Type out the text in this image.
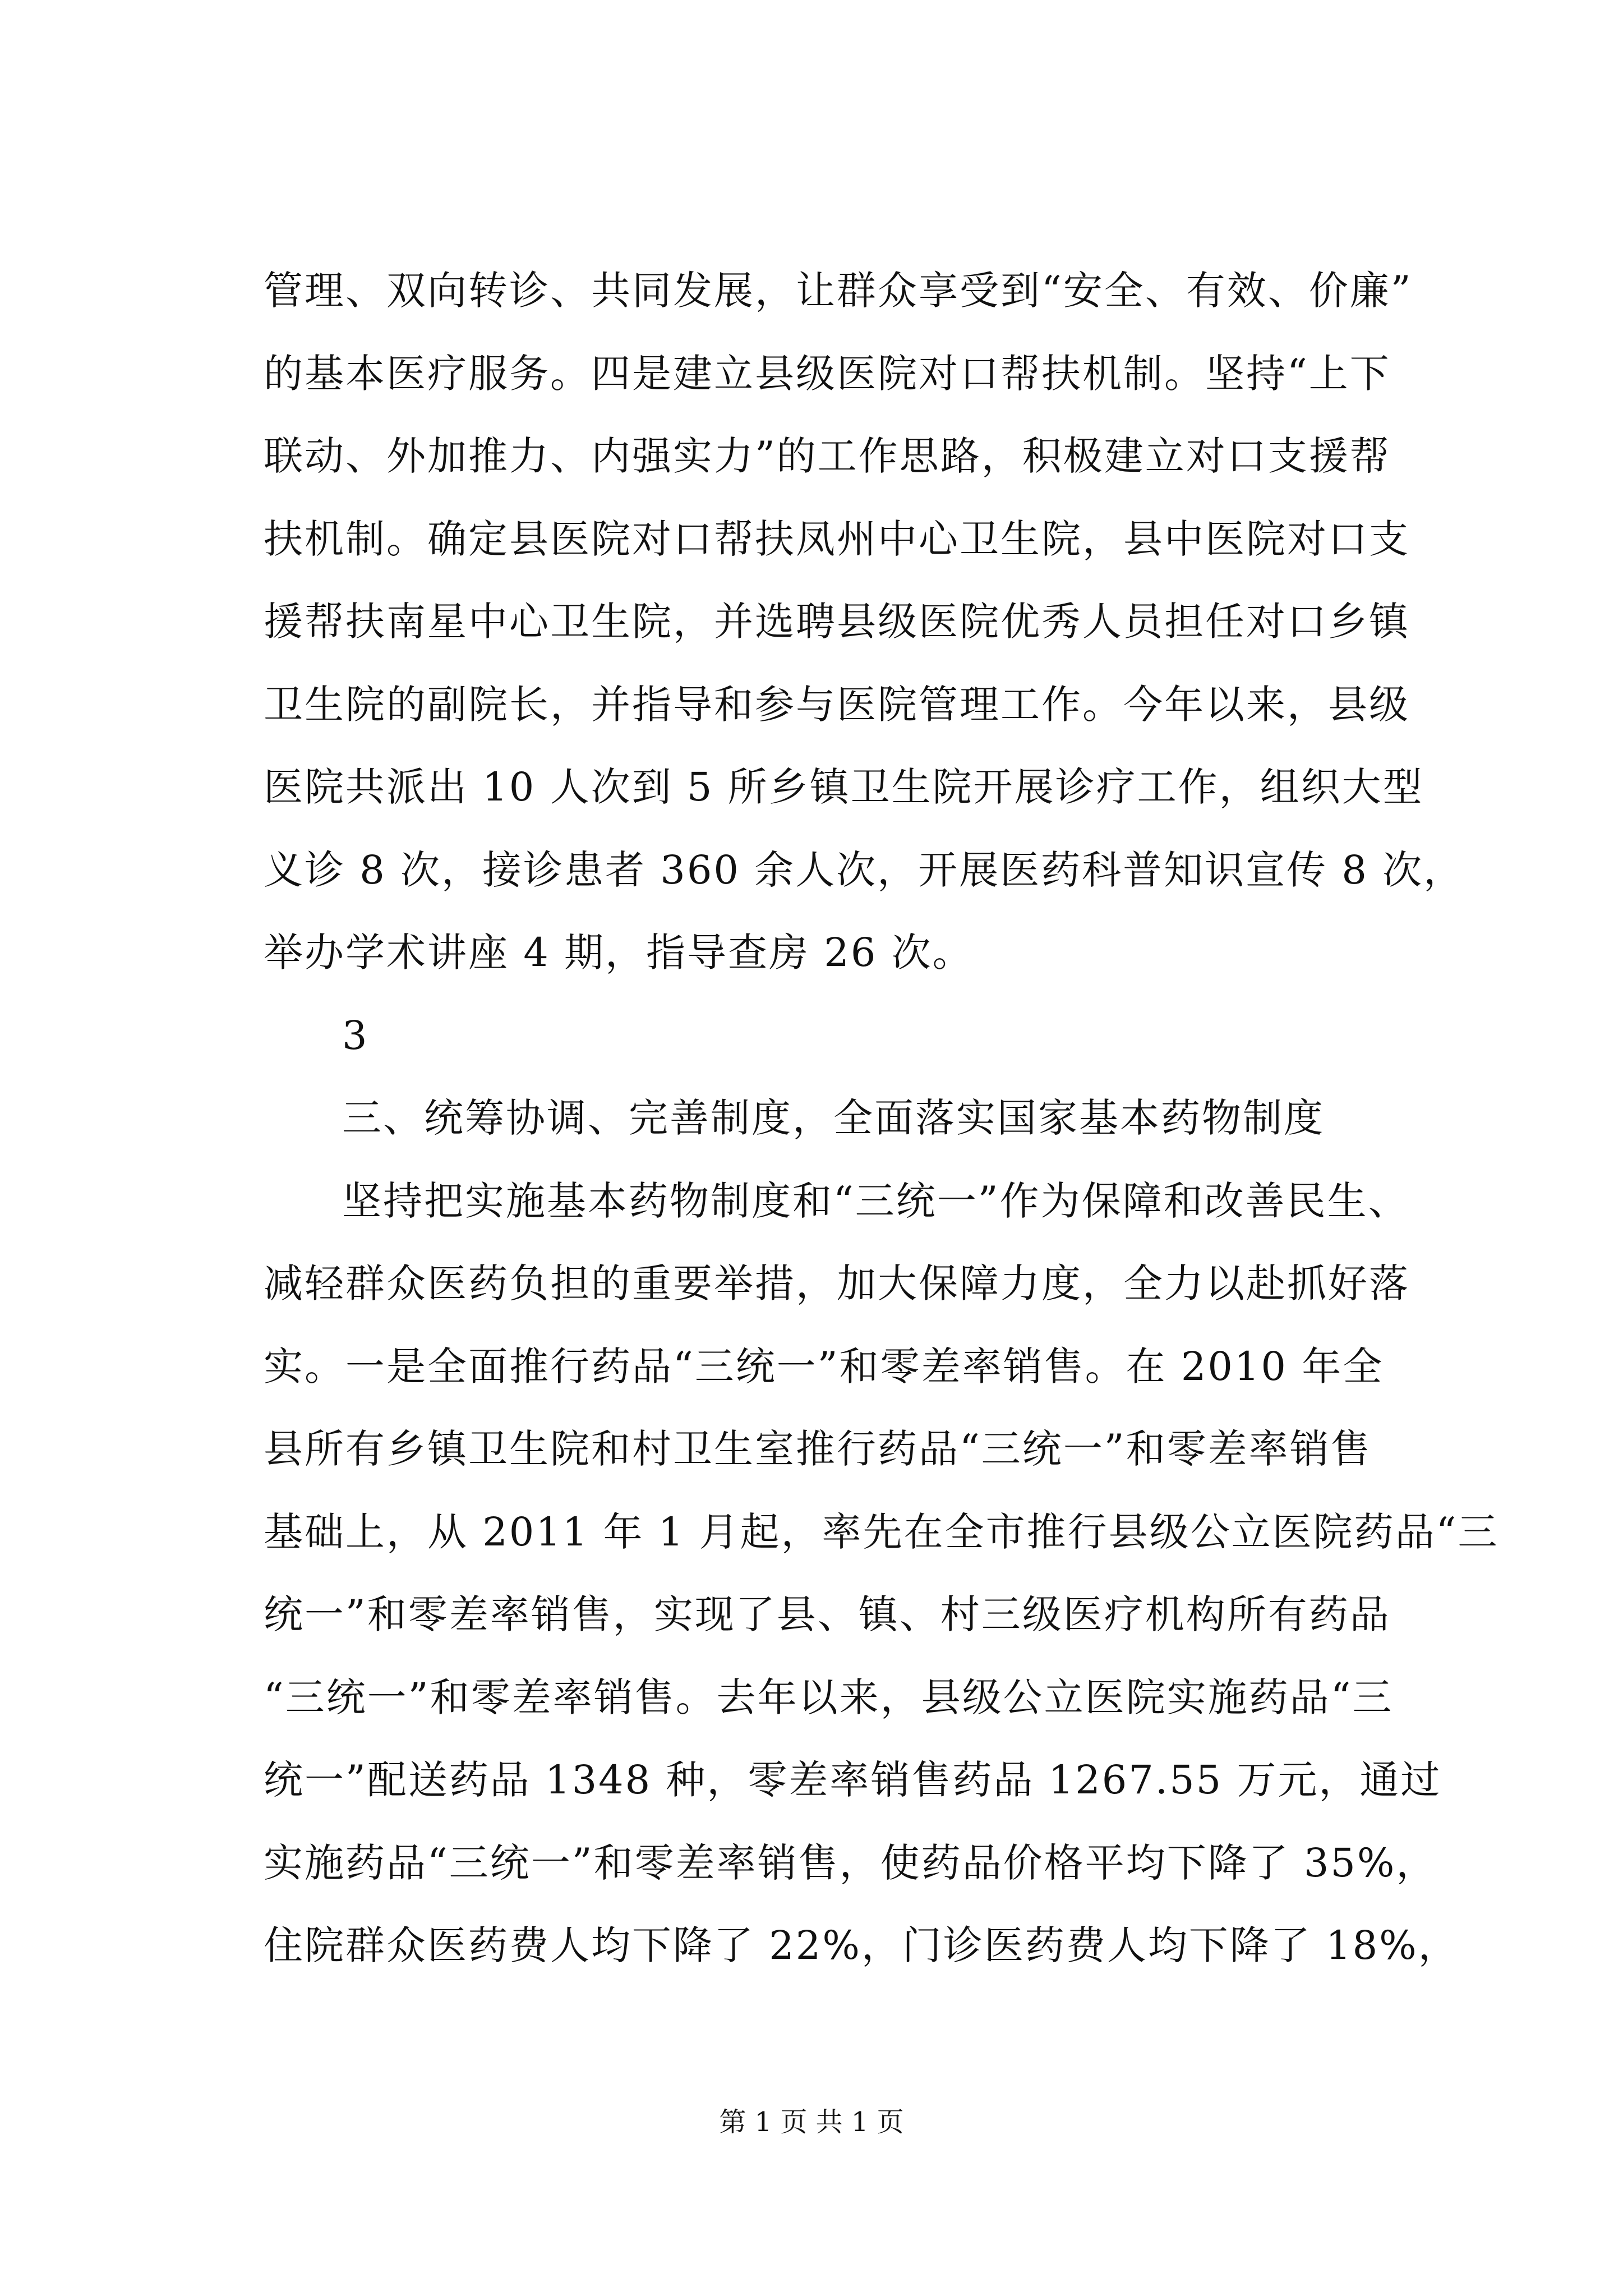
管理、双向转诊、共同发展，让群众享受到“安全、有效、价廉”
的基本医疗服务。四是建立县级医院对口帮扶机制。坚持“上下
联动、外加推力、内强实力”的工作思路，积极建立对口支援帮
扶机制。确定县医院对口帮扶凤州中心卫生院，县中医院对口支
援帮扶南星中心卫生院，并选聘县级医院优秀人员担任对口乡镇
卫生院的副院长，并指导和参与医院管理工作。今年以来，县级
医院共派出 10 人次到 5 所乡镇卫生院开展诊疗工作，组织大型
义诊 8 次，接诊患者 360 余人次，开展医药科普知识宣传 8 次，
举办学术讲座 4 期，指导查房 26 次。
3
三、统筹协调、完善制度，全面落实国家基本药物制度
坚持把实施基本药物制度和“三统一”作为保障和改善民生、
减轻群众医药负担的重要举措，加大保障力度，全力以赴抓好落
实。一是全面推行药品“三统一”和零差率销售。在 2010 年全
县所有乡镇卫生院和村卫生室推行药品“三统一”和零差率销售
基础上，从 2011 年 1 月起，率先在全市推行县级公立医院药品“三
统一”和零差率销售，实现了县、镇、村三级医疗机构所有药品
“三统一”和零差率销售。去年以来，县级公立医院实施药品“三
统一”配送药品 1348 种，零差率销售药品 1267.55 万元，通过
实施药品“三统一”和零差率销售，使药品价格平均下降了 35%，
住院群众医药费人均下降了 22%，门诊医药费人均下降了 18%，
第 1 页 共 1 页
